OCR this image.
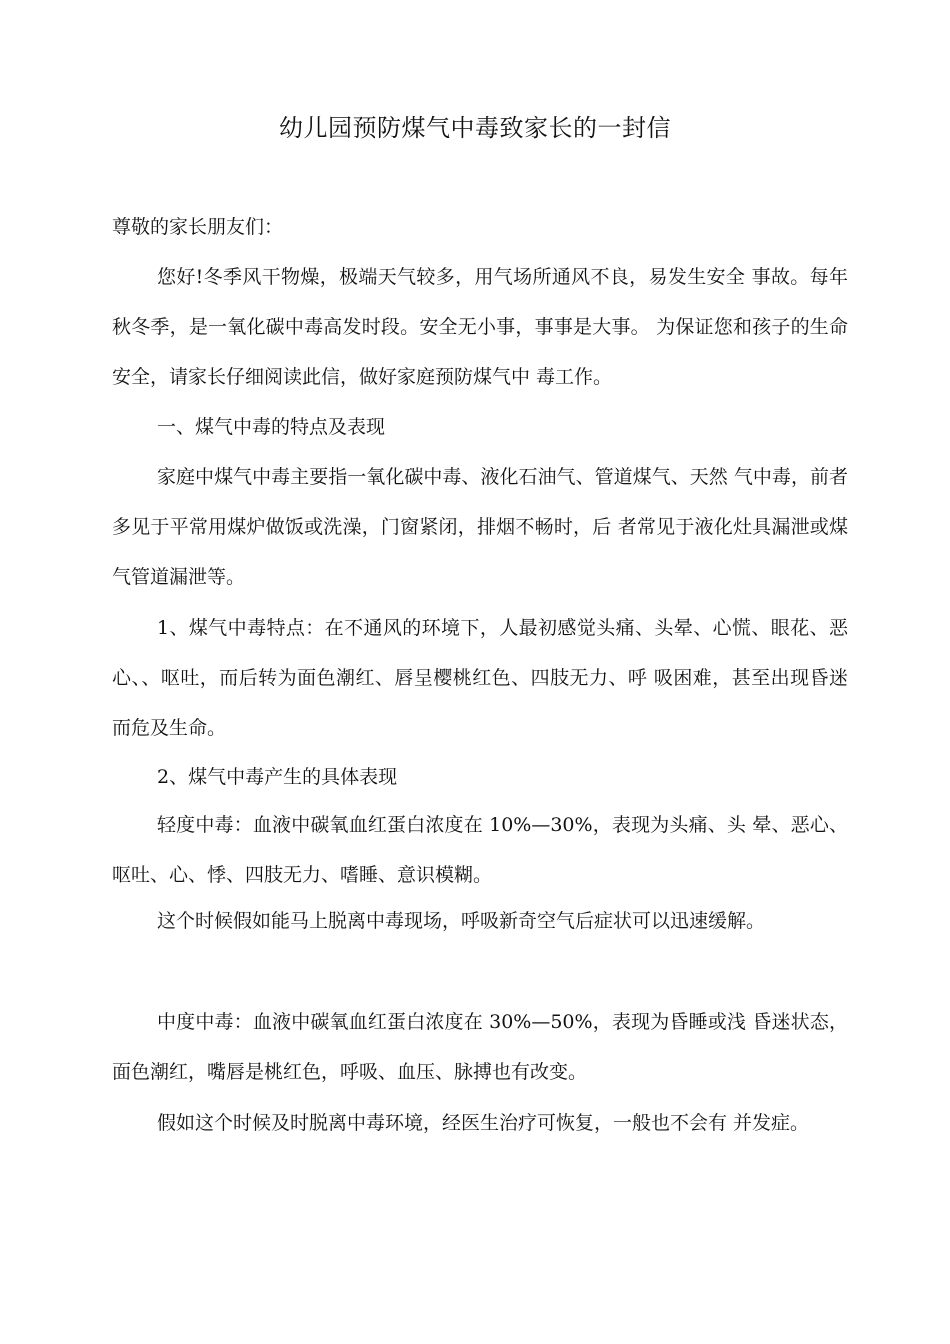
幼儿园预防煤气中毒致家长的一封信
尊敬的家长朋友们：
您好!冬季风干物燥，极端天气较多，用气场所通风不良，易发生安全 事故。每年秋冬季，是一氧化碳中毒高发时段。安全无小事，事事是大事。 为保证您和孩子的生命安全，请家长仔细阅读此信，做好家庭预防煤气中 毒工作。
一、煤气中毒的特点及表现
家庭中煤气中毒主要指一氧化碳中毒、液化石油气、管道煤气、天然 气中毒，前者多见于平常用煤炉做饭或洗澡，门窗紧闭，排烟不畅时，后 者常见于液化灶具漏泄或煤气管道漏泄等。
1、煤气中毒特点：在不通风的环境下，人最初感觉头痛、头晕、心慌、眼花、恶心、、呕吐，而后转为面色潮红、唇呈樱桃红色、四肢无力、呼 吸困难，甚至出现昏迷而危及生命。
2、煤气中毒产生的具体表现
轻度中毒：血液中碳氧血红蛋白浓度在 10%—30%，表现为头痛、头 晕、恶心、呕吐、心、悸、四肢无力、嗜睡、意识模糊。
这个时候假如能马上脱离中毒现场，呼吸新奇空气后症状可以迅速缓解。
中度中毒：血液中碳氧血红蛋白浓度在 30%—50%，表现为昏睡或浅 昏迷状态，面色潮红，嘴唇是桃红色，呼吸、血压、脉搏也有改变。
假如这个时候及时脱离中毒环境，经医生治疗可恢复，一般也不会有 并发症。
